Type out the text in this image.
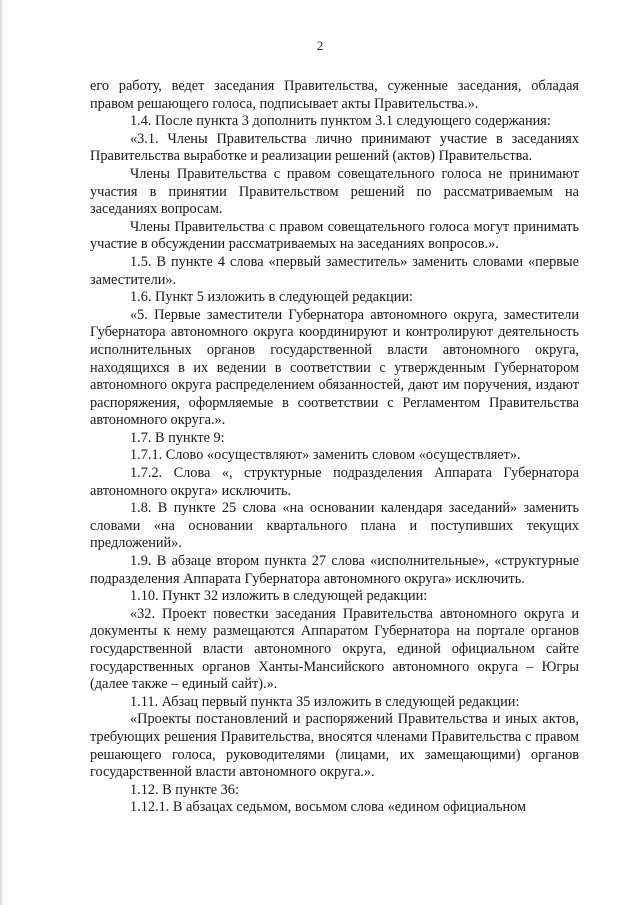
2

его работу, ведет заседания Правительства, суженные заседания, обладая правом решающего голоса, подписывает акты Правительства.».

1.4. После пункта 3 дополнить пунктом 3.1 следующего содержания:

«3.1. Члены Правительства лично принимают участие в заседаниях Правительства выработке и реализации решений (актов) Правительства.

Члены Правительства с правом совещательного голоса не принимают участия в принятии Правительством решений по рассматриваемым на заседаниях вопросам.

Члены Правительства с правом совещательного голоса могут принимать участие в обсуждении рассматриваемых на заседаниях вопросов.».

1.5. В пункте 4 слова «первый заместитель» заменить словами «первые заместители».

1.6. Пункт 5 изложить в следующей редакции:

«5. Первые заместители Губернатора автономного округа, заместители Губернатора автономного округа координируют и контролируют деятельность исполнительных органов государственной власти автономного округа, находящихся в их ведении в соответствии с утвержденным Губернатором автономного округа распределением обязанностей, дают им поручения, издают распоряжения, оформляемые в соответствии с Регламентом Правительства автономного округа.».

1.7. В пункте 9:

1.7.1. Слово «осуществляют» заменить словом «осуществляет».

1.7.2. Слова «, структурные подразделения Аппарата Губернатора автономного округа» исключить.

1.8. В пункте 25 слова «на основании календаря заседаний» заменить словами «на основании квартального плана и поступивших текущих предложений».

1.9. В абзаце втором пункта 27 слова «исполнительные», «структурные подразделения Аппарата Губернатора автономного округа» исключить.

1.10. Пункт 32 изложить в следующей редакции:

«32. Проект повестки заседания Правительства автономного округа и документы к нему размещаются Аппаратом Губернатора на портале органов государственной власти автономного округа, единой официальном сайте государственных органов Ханты-Мансийского автономного округа – Югры (далее также – единый сайт).».

1.11. Абзац первый пункта 35 изложить в следующей редакции:

«Проекты постановлений и распоряжений Правительства и иных актов, требующих решения Правительства, вносятся членами Правительства с правом решающего голоса, руководителями (лицами, их замещающими) органов государственной власти автономного округа.».

1.12. В пункте 36:

1.12.1. В абзацах седьмом, восьмом слова «едином официальном
